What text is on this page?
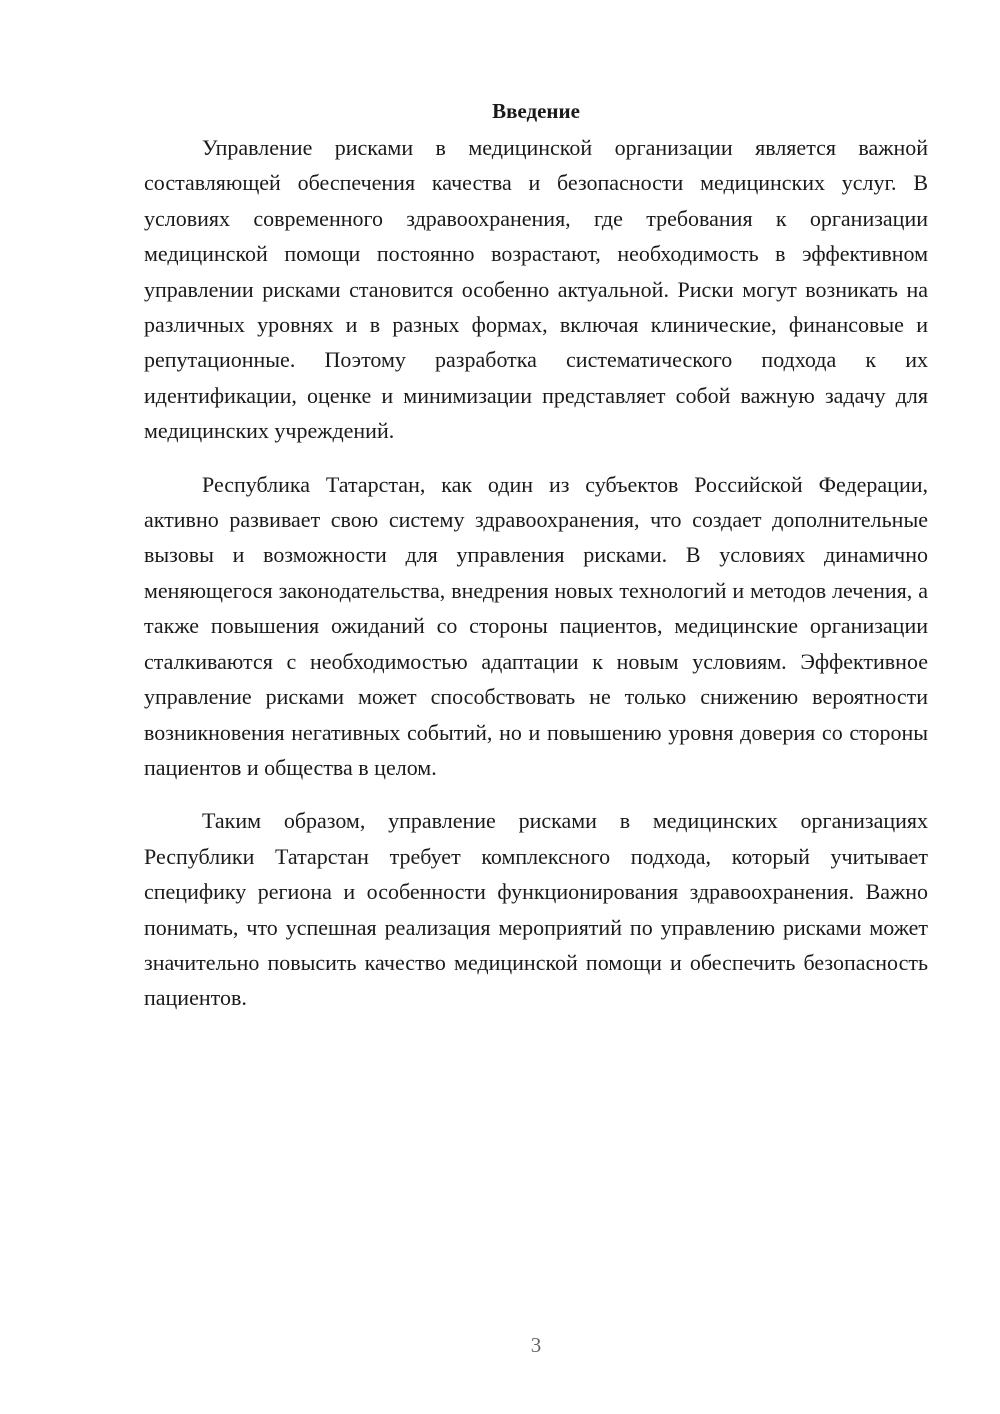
Введение

Управление рисками в медицинской организации является важной составляющей обеспечения качества и безопасности медицинских услуг. В условиях современного здравоохранения, где требования к организации медицинской помощи постоянно возрастают, необходимость в эффективном управлении рисками становится особенно актуальной. Риски могут возникать на различных уровнях и в разных формах, включая клинические, финансовые и репутационные. Поэтому разработка систематического подхода к их идентификации, оценке и минимизации представляет собой важную задачу для медицинских учреждений.

Республика Татарстан, как один из субъектов Российской Федерации, активно развивает свою систему здравоохранения, что создает дополнительные вызовы и возможности для управления рисками. В условиях динамично меняющегося законодательства, внедрения новых технологий и методов лечения, а также повышения ожиданий со стороны пациентов, медицинские организации сталкиваются с необходимостью адаптации к новым условиям. Эффективное управление рисками может способствовать не только снижению вероятности возникновения негативных событий, но и повышению уровня доверия со стороны пациентов и общества в целом.

Таким образом, управление рисками в медицинских организациях Республики Татарстан требует комплексного подхода, который учитывает специфику региона и особенности функционирования здравоохранения. Важно понимать, что успешная реализация мероприятий по управлению рисками может значительно повысить качество медицинской помощи и обеспечить безопасность пациентов.

3
